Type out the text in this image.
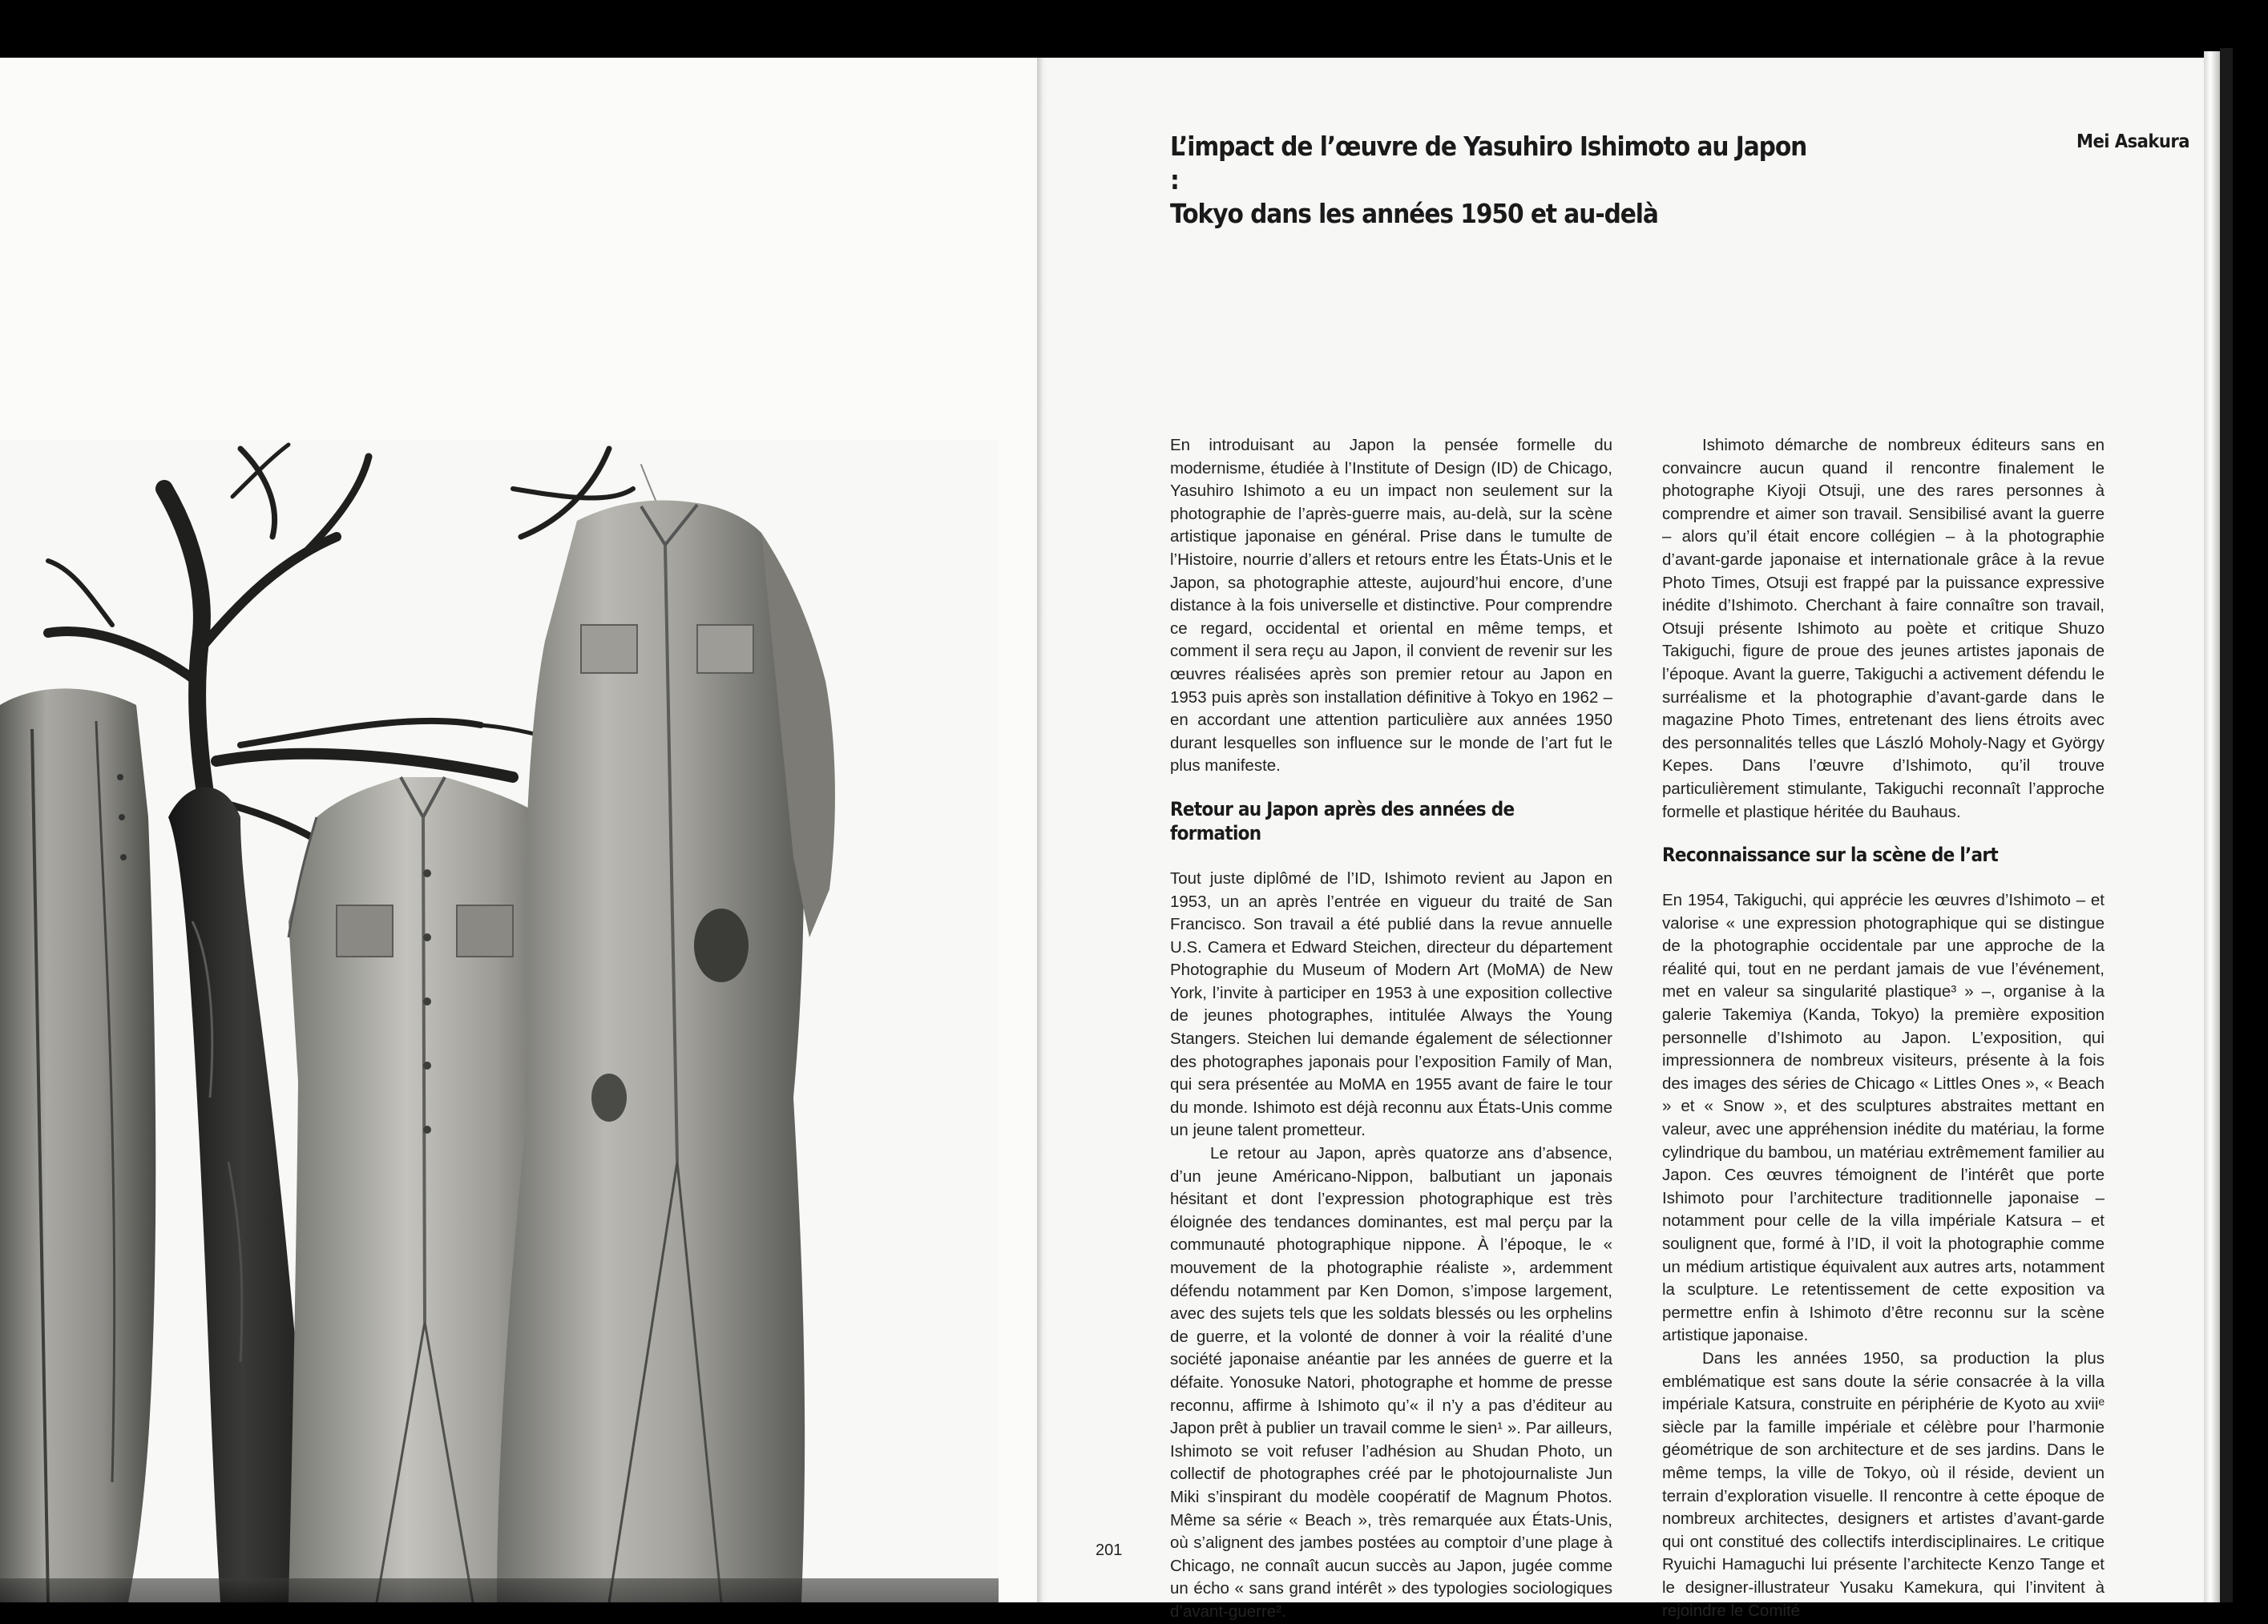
L’impact de l’œuvre de Yasuhiro Ishimoto au Japon :
Tokyo dans les années 1950 et au-delà
Mei Asakura

En introduisant au Japon la pensée formelle du modernisme, étudiée à l’Institute of Design (ID) de Chicago, Yasuhiro Ishimoto a eu un impact non seulement sur la photographie de l’après-guerre mais, au-delà, sur la scène artistique japonaise en général. Prise dans le tumulte de l’Histoire, nourrie d’allers et retours entre les États-Unis et le Japon, sa photographie atteste, aujourd’hui encore, d’une distance à la fois universelle et distinctive. Pour comprendre ce regard, occidental et oriental en même temps, et comment il sera reçu au Japon, il convient de revenir sur les œuvres réalisées après son premier retour au Japon en 1953 puis après son installation définitive à Tokyo en 1962 – en accordant une attention particulière aux années 1950 durant lesquelles son influence sur le monde de l’art fut le plus manifeste.

Retour au Japon après des années de formation

Tout juste diplômé de l’ID, Ishimoto revient au Japon en 1953, un an après l’entrée en vigueur du traité de San Francisco. Son travail a été publié dans la revue annuelle U.S. Camera et Edward Steichen, directeur du département Photographie du Museum of Modern Art (MoMA) de New York, l’invite à participer en 1953 à une exposition collective de jeunes photographes, intitulée Always the Young Stangers. Steichen lui demande également de sélectionner des photographes japonais pour l’exposition Family of Man, qui sera présentée au MoMA en 1955 avant de faire le tour du monde. Ishimoto est déjà reconnu aux États-Unis comme un jeune talent prometteur.

Le retour au Japon, après quatorze ans d’absence, d’un jeune Américano-Nippon, balbutiant un japonais hésitant et dont l’expression photographique est très éloignée des tendances dominantes, est mal perçu par la communauté photographique nippone. À l’époque, le « mouvement de la photographie réaliste », ardemment défendu notamment par Ken Domon, s’impose largement, avec des sujets tels que les soldats blessés ou les orphelins de guerre, et la volonté de donner à voir la réalité d’une société japonaise anéantie par les années de guerre et la défaite. Yonosuke Natori, photographe et homme de presse reconnu, affirme à Ishimoto qu’« il n’y a pas d’éditeur au Japon prêt à publier un travail comme le sien¹ ». Par ailleurs, Ishimoto se voit refuser l’adhésion au Shudan Photo, un collectif de photographes créé par le photojournaliste Jun Miki s’inspirant du modèle coopératif de Magnum Photos. Même sa série « Beach », très remarquée aux États-Unis, où s’alignent des jambes postées au comptoir d’une plage à Chicago, ne connaît aucun succès au Japon, jugée comme un écho « sans grand intérêt » des typologies sociologiques d’avant-guerre².

Ishimoto démarche de nombreux éditeurs sans en convaincre aucun quand il rencontre finalement le photographe Kiyoji Otsuji, une des rares personnes à comprendre et aimer son travail. Sensibilisé avant la guerre – alors qu’il était encore collégien – à la photographie d’avant-garde japonaise et internationale grâce à la revue Photo Times, Otsuji est frappé par la puissance expressive inédite d’Ishimoto. Cherchant à faire connaître son travail, Otsuji présente Ishimoto au poète et critique Shuzo Takiguchi, figure de proue des jeunes artistes japonais de l’époque. Avant la guerre, Takiguchi a activement défendu le surréalisme et la photographie d’avant-garde dans le magazine Photo Times, entretenant des liens étroits avec des personnalités telles que László Moholy-Nagy et György Kepes. Dans l’œuvre d’Ishimoto, qu’il trouve particulièrement stimulante, Takiguchi reconnaît l’approche formelle et plastique héritée du Bauhaus.

Reconnaissance sur la scène de l’art

En 1954, Takiguchi, qui apprécie les œuvres d’Ishimoto – et valorise « une expression photographique qui se distingue de la photographie occidentale par une approche de la réalité qui, tout en ne perdant jamais de vue l’événement, met en valeur sa singularité plastique³ » –, organise à la galerie Takemiya (Kanda, Tokyo) la première exposition personnelle d’Ishimoto au Japon. L’exposition, qui impressionnera de nombreux visiteurs, présente à la fois des images des séries de Chicago « Littles Ones », « Beach » et « Snow », et des sculptures abstraites mettant en valeur, avec une appréhension inédite du matériau, la forme cylindrique du bambou, un matériau extrêmement familier au Japon. Ces œuvres témoignent de l’intérêt que porte Ishimoto pour l’architecture traditionnelle japonaise – notamment pour celle de la villa impériale Katsura – et soulignent que, formé à l’ID, il voit la photographie comme un médium artistique équivalent aux autres arts, notamment la sculpture. Le retentissement de cette exposition va permettre enfin à Ishimoto d’être reconnu sur la scène artistique japonaise.

Dans les années 1950, sa production la plus emblématique est sans doute la série consacrée à la villa impériale Katsura, construite en périphérie de Kyoto au xviiᵉ siècle par la famille impériale et célèbre pour l’harmonie géométrique de son architecture et de ses jardins. Dans le même temps, la ville de Tokyo, où il réside, devient un terrain d’exploration visuelle. Il rencontre à cette époque de nombreux architectes, designers et artistes d’avant-garde qui ont constitué des collectifs interdisciplinaires. Le critique Ryuichi Hamaguchi lui présente l’architecte Kenzo Tange et le designer-illustrateur Yusaku Kamekura, qui l’invitent à rejoindre le Comité

201
